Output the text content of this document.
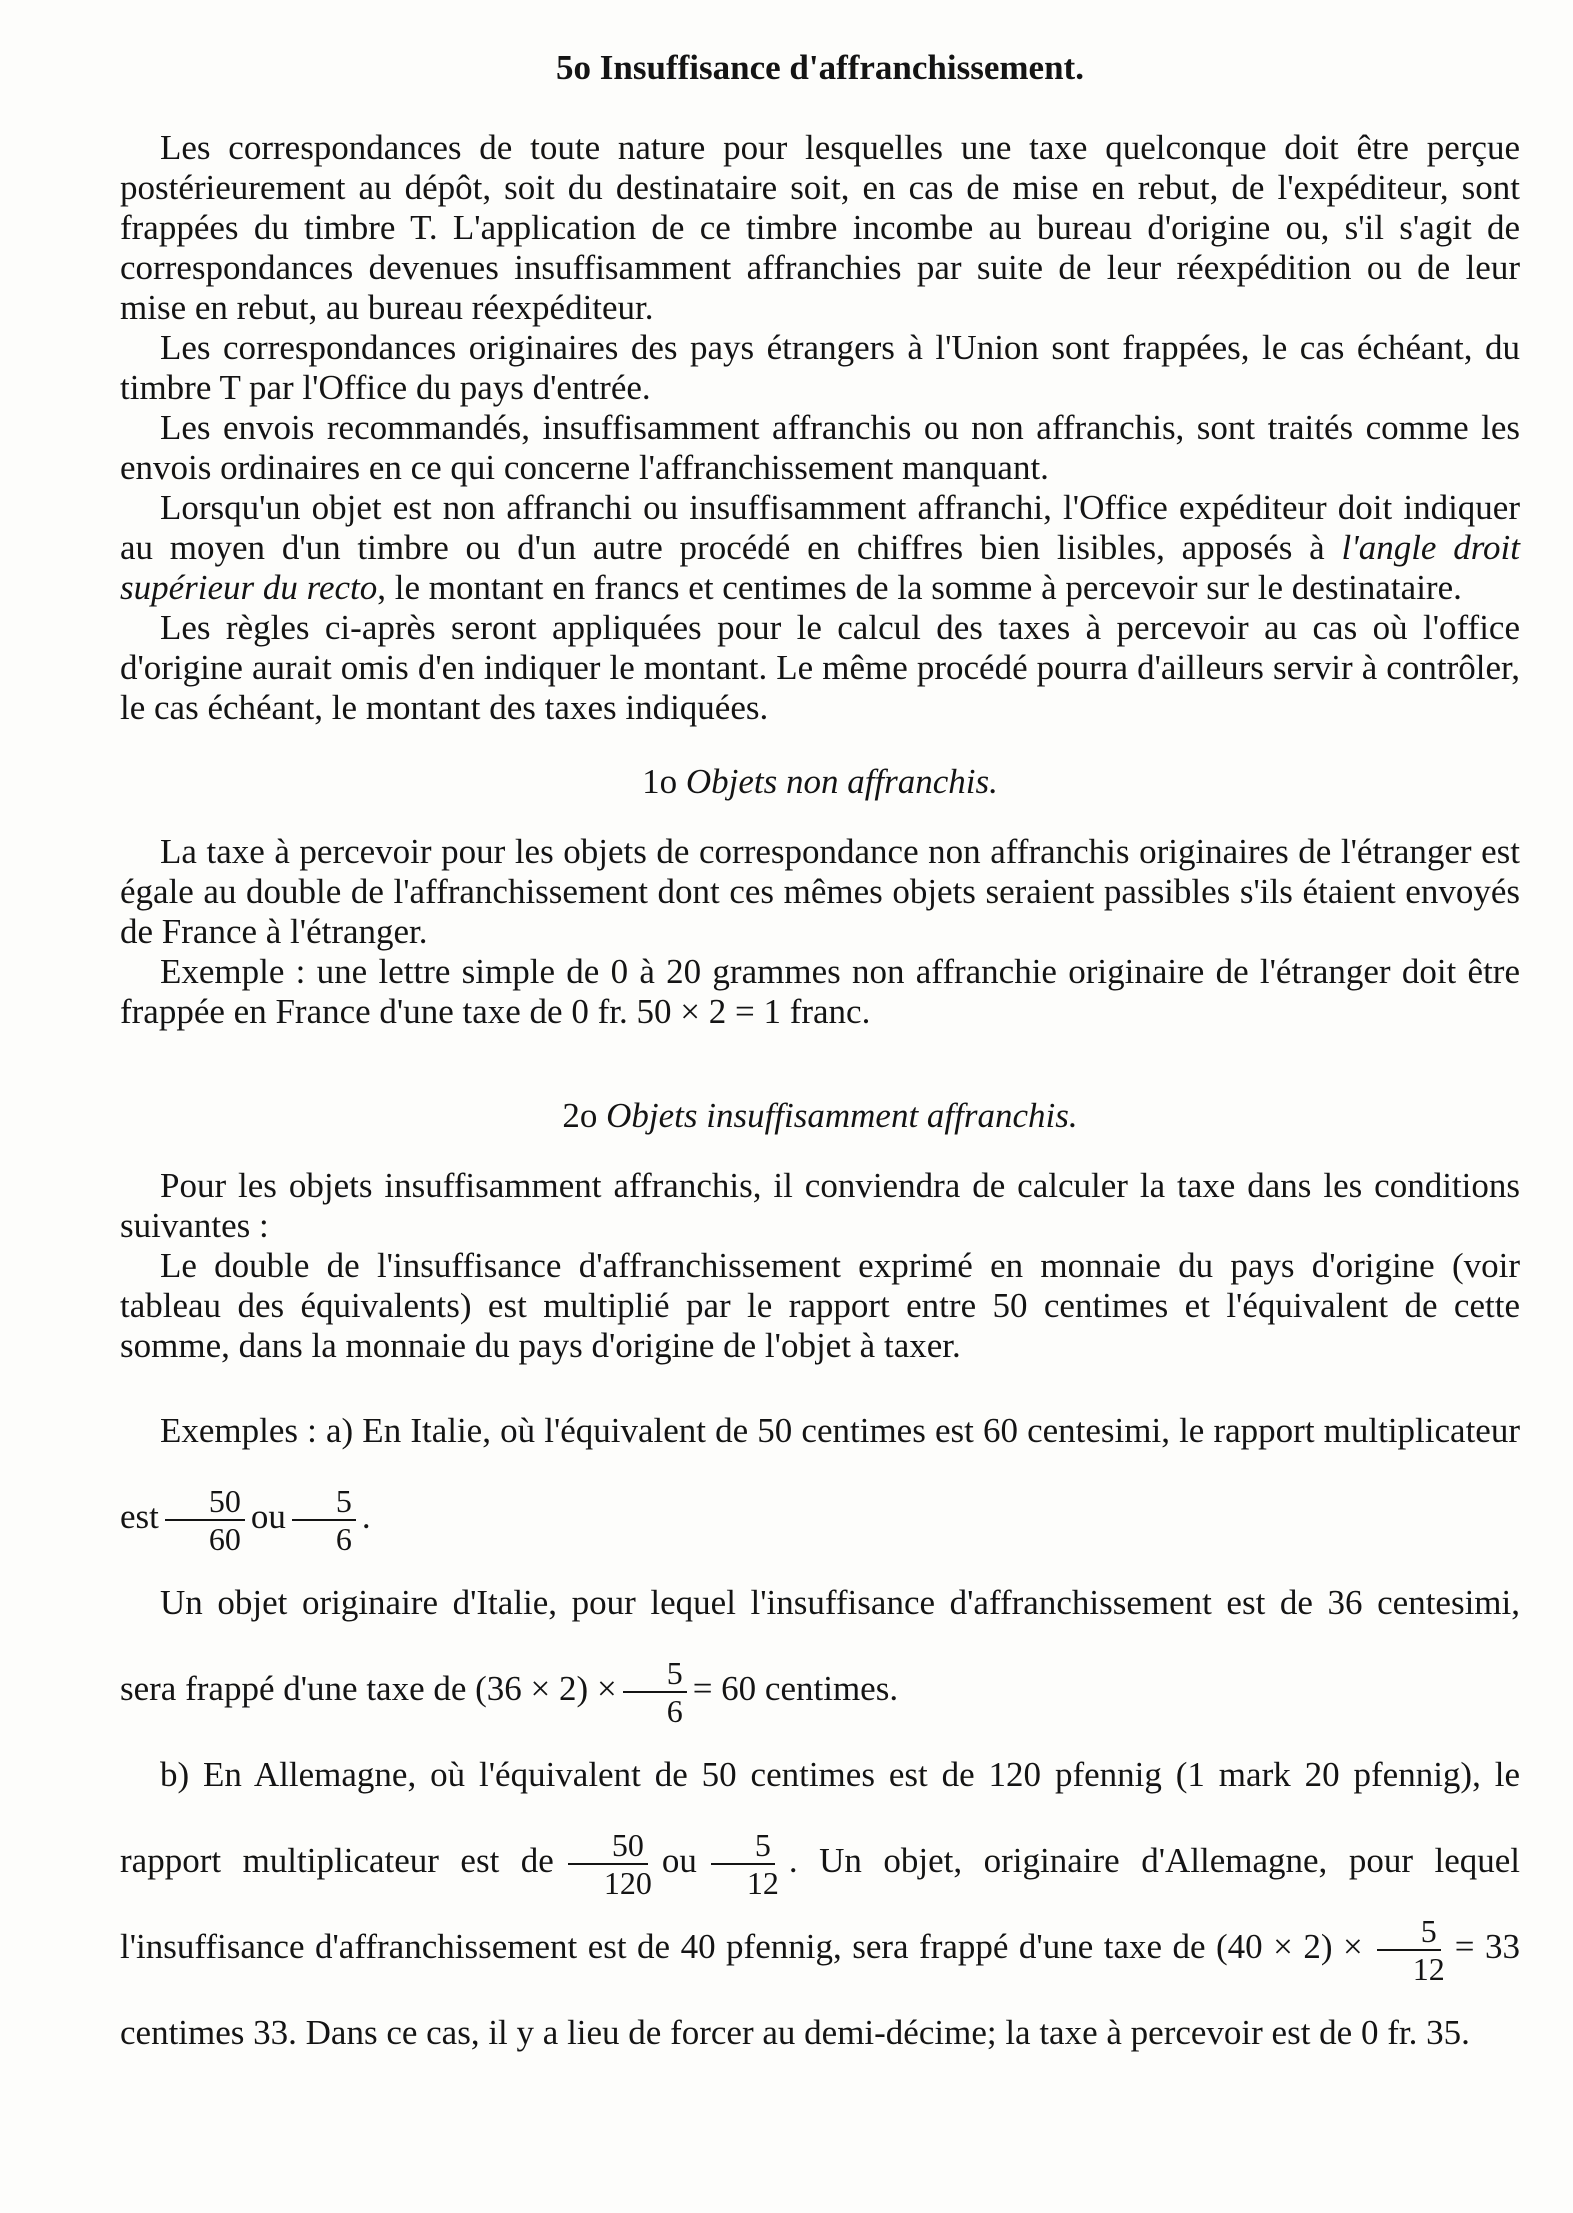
5o Insuffisance d'affranchissement.

Les correspondances de toute nature pour lesquelles une taxe quelconque doit être perçue postérieurement au dépôt, soit du destinataire soit, en cas de mise en rebut, de l'expéditeur, sont frappées du timbre T. L'application de ce timbre incombe au bureau d'origine ou, s'il s'agit de correspondances devenues insuffisamment affranchies par suite de leur réexpédition ou de leur mise en rebut, au bureau réexpéditeur.

Les correspondances originaires des pays étrangers à l'Union sont frappées, le cas échéant, du timbre T par l'Office du pays d'entrée.

Les envois recommandés, insuffisamment affranchis ou non affranchis, sont traités comme les envois ordinaires en ce qui concerne l'affranchissement manquant.

Lorsqu'un objet est non affranchi ou insuffisamment affranchi, l'Office expéditeur doit indiquer au moyen d'un timbre ou d'un autre procédé en chiffres bien lisibles, apposés à l'angle droit supérieur du recto, le montant en francs et centimes de la somme à percevoir sur le destinataire.

Les règles ci-après seront appliquées pour le calcul des taxes à percevoir au cas où l'office d'origine aurait omis d'en indiquer le montant. Le même procédé pourra d'ailleurs servir à contrôler, le cas échéant, le montant des taxes indiquées.

1o Objets non affranchis.

La taxe à percevoir pour les objets de correspondance non affranchis originaires de l'étranger est égale au double de l'affranchissement dont ces mêmes objets seraient passibles s'ils étaient envoyés de France à l'étranger.

Exemple : une lettre simple de 0 à 20 grammes non affranchie originaire de l'étranger doit être frappée en France d'une taxe de 0 fr. 50 × 2 = 1 franc.

2o Objets insuffisamment affranchis.

Pour les objets insuffisamment affranchis, il conviendra de calculer la taxe dans les conditions suivantes :

Le double de l'insuffisance d'affranchissement exprimé en monnaie du pays d'origine (voir tableau des équivalents) est multiplié par le rapport entre 50 centimes et l'équivalent de cette somme, dans la monnaie du pays d'origine de l'objet à taxer.

Exemples : a) En Italie, où l'équivalent de 50 centimes est 60 centesimi, le rapport multiplicateur est $\frac{50}{60}$ ou $\frac{5}{6}$ .

Un objet originaire d'Italie, pour lequel l'insuffisance d'affranchissement est de 36 centesimi, sera frappé d'une taxe de $(36 \times 2) \times \frac{5}{6} = 60$ centimes.

b) En Allemagne, où l'équivalent de 50 centimes est de 120 pfennig (1 mark 20 pfennig), le rapport multiplicateur est de $\frac{50}{120}$ ou $\frac{5}{12}$ . Un objet, originaire d'Allemagne, pour lequel l'insuffisance d'affranchissement est de 40 pfennig, sera frappé d'une taxe de $(40 \times 2) \times \frac{5}{12} = 33$ centimes 33. Dans ce cas, il y a lieu de forcer au demi-décime; la taxe à percevoir est de 0 fr. 35.
